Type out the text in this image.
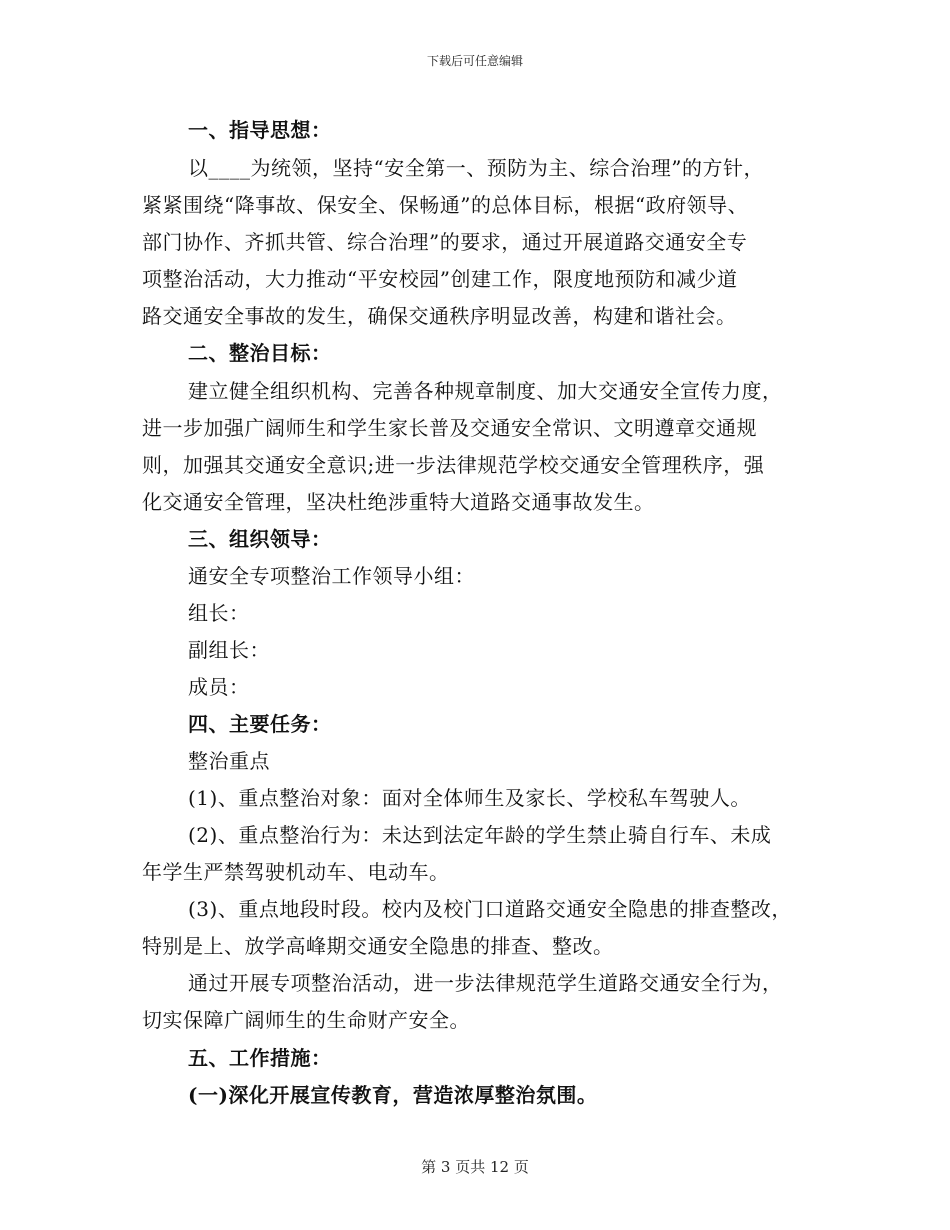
下载后可任意编辑
一、指导思想：
以____为统领，坚持“安全第一、预防为主、综合治理”的方针，
紧紧围绕“降事故、保安全、保畅通”的总体目标，根据“政府领导、
部门协作、齐抓共管、综合治理”的要求，通过开展道路交通安全专
项整治活动，大力推动“平安校园”创建工作，限度地预防和减少道
路交通安全事故的发生，确保交通秩序明显改善，构建和谐社会。
二、整治目标：
建立健全组织机构、完善各种规章制度、加大交通安全宣传力度，
进一步加强广阔师生和学生家长普及交通安全常识、文明遵章交通规
则，加强其交通安全意识;进一步法律规范学校交通安全管理秩序，强
化交通安全管理，坚决杜绝涉重特大道路交通事故发生。
三、组织领导：
通安全专项整治工作领导小组：
组长：
副组长：
成员：
四、主要任务：
整治重点
(1)、重点整治对象：面对全体师生及家长、学校私车驾驶人。
(2)、重点整治行为：未达到法定年龄的学生禁止骑自行车、未成
年学生严禁驾驶机动车、电动车。
(3)、重点地段时段。校内及校门口道路交通安全隐患的排查整改，
特别是上、放学高峰期交通安全隐患的排查、整改。
通过开展专项整治活动，进一步法律规范学生道路交通安全行为，
切实保障广阔师生的生命财产安全。
五、工作措施：
(一)深化开展宣传教育，营造浓厚整治氛围。
第 3 页共 12 页
